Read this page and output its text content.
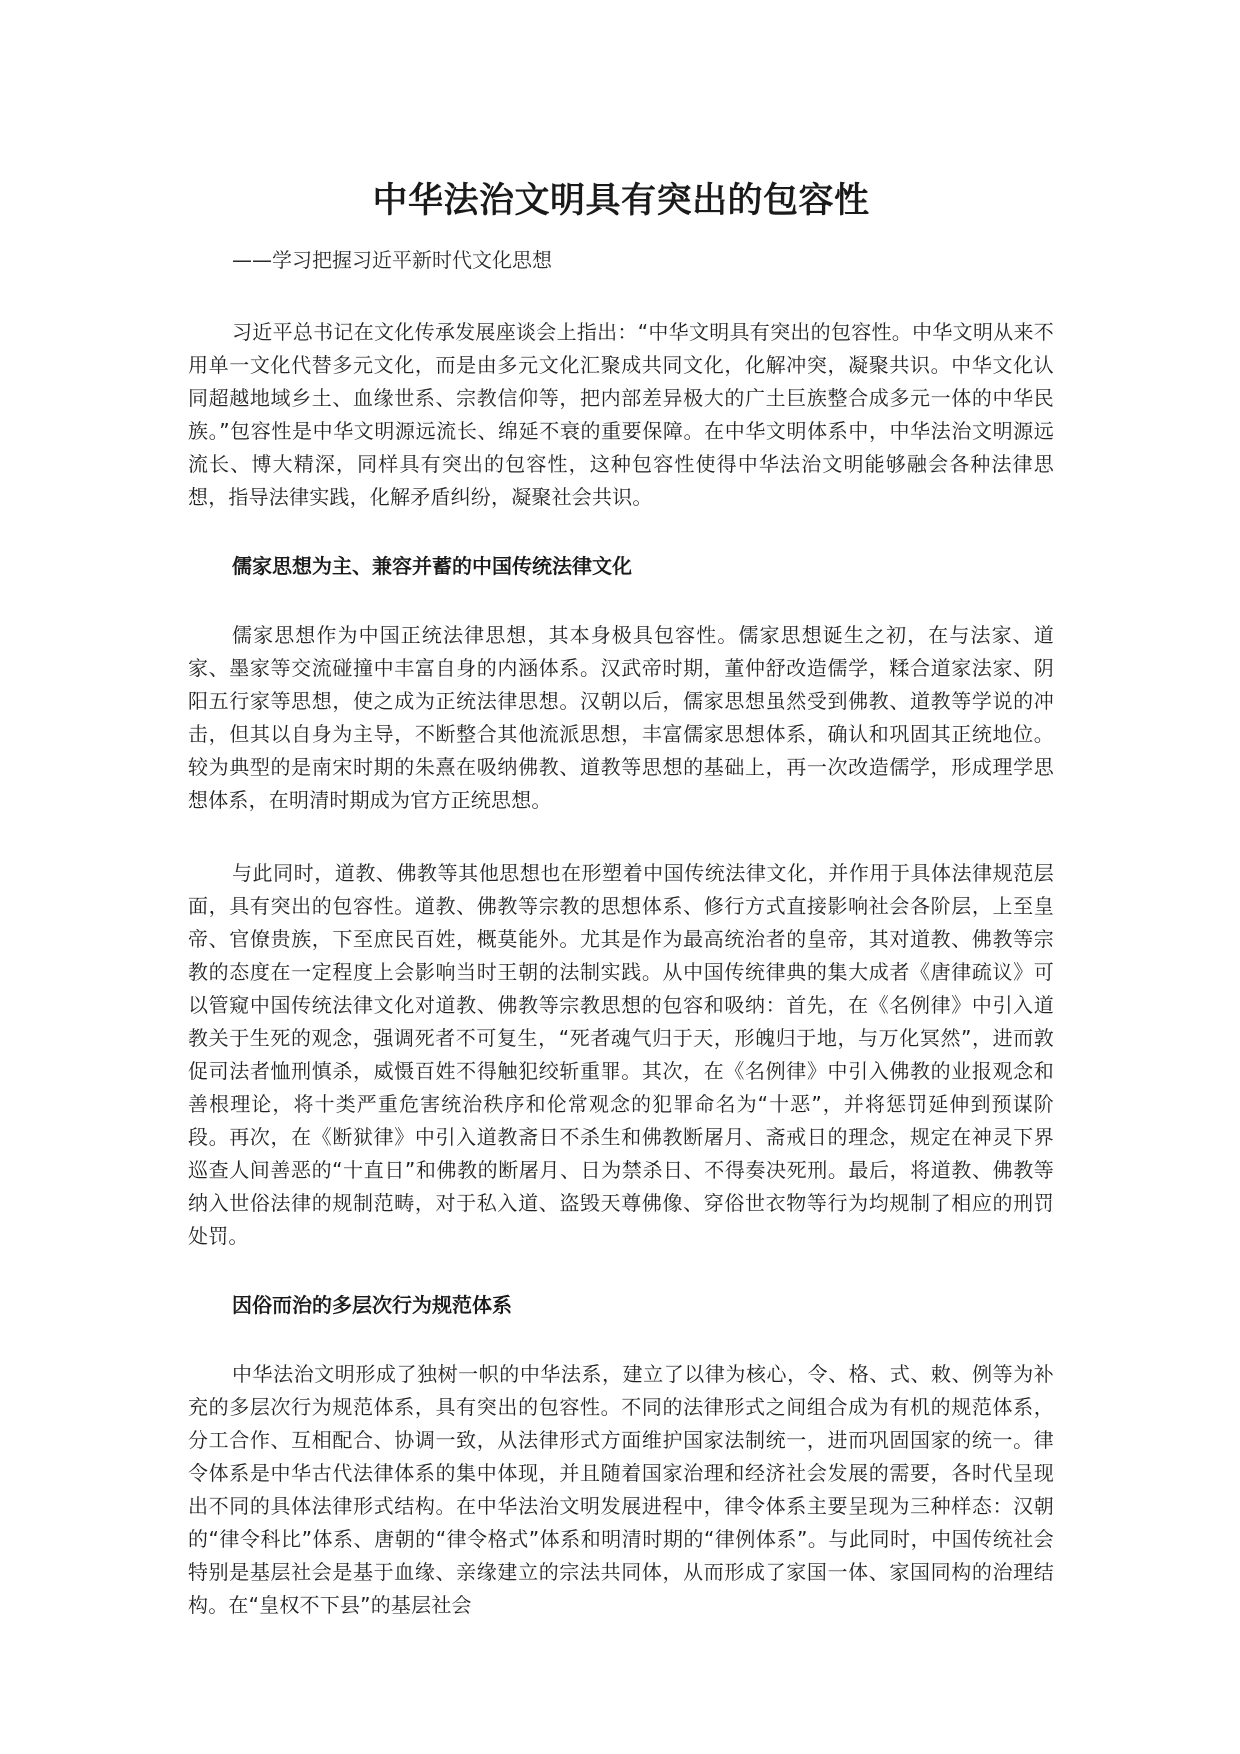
中华法治文明具有突出的包容性

——学习把握习近平新时代文化思想

习近平总书记在文化传承发展座谈会上指出：“中华文明具有突出的包容性。中华文明从来不用单一文化代替多元文化，而是由多元文化汇聚成共同文化，化解冲突，凝聚共识。中华文化认同超越地域乡土、血缘世系、宗教信仰等，把内部差异极大的广土巨族整合成多元一体的中华民族。”包容性是中华文明源远流长、绵延不衰的重要保障。在中华文明体系中，中华法治文明源远流长、博大精深，同样具有突出的包容性，这种包容性使得中华法治文明能够融会各种法律思想，指导法律实践，化解矛盾纠纷，凝聚社会共识。

儒家思想为主、兼容并蓄的中国传统法律文化

儒家思想作为中国正统法律思想，其本身极具包容性。儒家思想诞生之初，在与法家、道家、墨家等交流碰撞中丰富自身的内涵体系。汉武帝时期，董仲舒改造儒学，糅合道家法家、阴阳五行家等思想，使之成为正统法律思想。汉朝以后，儒家思想虽然受到佛教、道教等学说的冲击，但其以自身为主导，不断整合其他流派思想，丰富儒家思想体系，确认和巩固其正统地位。较为典型的是南宋时期的朱熹在吸纳佛教、道教等思想的基础上，再一次改造儒学，形成理学思想体系，在明清时期成为官方正统思想。

与此同时，道教、佛教等其他思想也在形塑着中国传统法律文化，并作用于具体法律规范层面，具有突出的包容性。道教、佛教等宗教的思想体系、修行方式直接影响社会各阶层，上至皇帝、官僚贵族，下至庶民百姓，概莫能外。尤其是作为最高统治者的皇帝，其对道教、佛教等宗教的态度在一定程度上会影响当时王朝的法制实践。从中国传统律典的集大成者《唐律疏议》可以管窥中国传统法律文化对道教、佛教等宗教思想的包容和吸纳：首先，在《名例律》中引入道教关于生死的观念，强调死者不可复生，“死者魂气归于天，形魄归于地，与万化冥然”，进而敦促司法者恤刑慎杀，威慑百姓不得触犯绞斩重罪。其次，在《名例律》中引入佛教的业报观念和善根理论，将十类严重危害统治秩序和伦常观念的犯罪命名为“十恶”，并将惩罚延伸到预谋阶段。再次，在《断狱律》中引入道教斋日不杀生和佛教断屠月、斋戒日的理念，规定在神灵下界巡查人间善恶的“十直日”和佛教的断屠月、日为禁杀日、不得奏决死刑。最后，将道教、佛教等纳入世俗法律的规制范畴，对于私入道、盗毁天尊佛像、穿俗世衣物等行为均规制了相应的刑罚处罚。

因俗而治的多层次行为规范体系

中华法治文明形成了独树一帜的中华法系，建立了以律为核心，令、格、式、敕、例等为补充的多层次行为规范体系，具有突出的包容性。不同的法律形式之间组合成为有机的规范体系，分工合作、互相配合、协调一致，从法律形式方面维护国家法制统一，进而巩固国家的统一。律令体系是中华古代法律体系的集中体现，并且随着国家治理和经济社会发展的需要，各时代呈现出不同的具体法律形式结构。在中华法治文明发展进程中，律令体系主要呈现为三种样态：汉朝的“律令科比”体系、唐朝的“律令格式”体系和明清时期的“律例体系”。与此同时，中国传统社会特别是基层社会是基于血缘、亲缘建立的宗法共同体，从而形成了家国一体、家国同构的治理结构。在“皇权不下县”的基层社会
